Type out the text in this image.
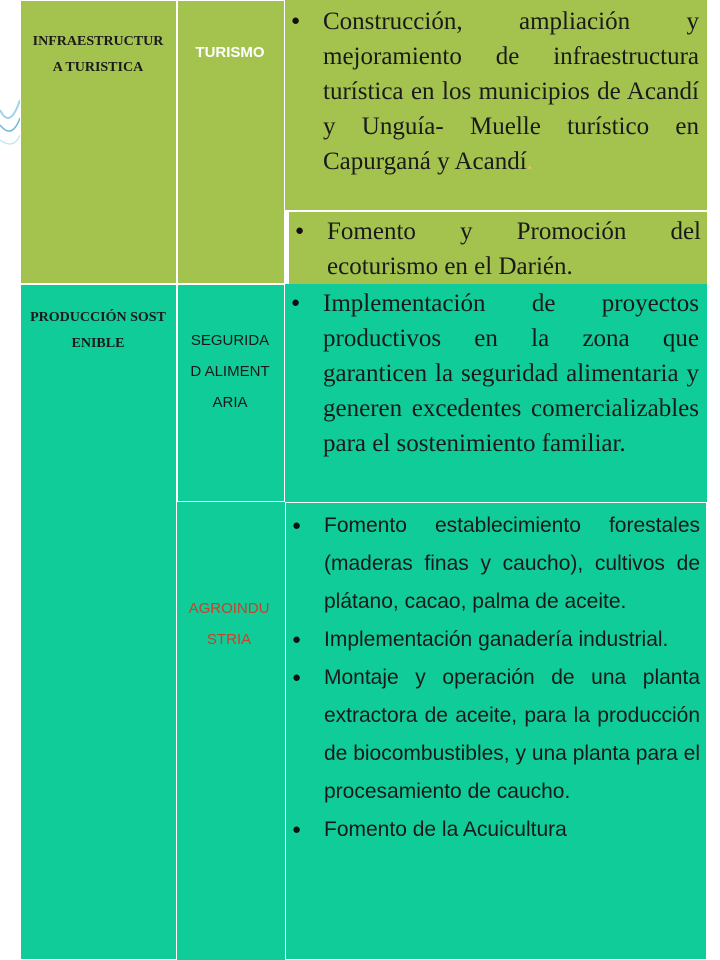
INFRAESTRUCTURA TURISTICA
TURISMO
● Construcción, ampliación y mejoramiento de infraestructura turística en los municipios de Acandí y Unguía- Muelle turístico en Capurganá y Acandí.
● Fomento y Promoción del ecoturismo en el Darién.
PRODUCCIÓN SOSTENIBLE	SEGURIDAD ALIMENTARIA
● Implementación de proyectos productivos en la zona que garanticen la seguridad alimentaria y generen excedentes comercializables para el sostenimiento familiar.
AGROINDUSTRIA
● Fomento establecimiento forestales (maderas finas y caucho), cultivos de plátano, cacao, palma de aceite.
● Implementación ganadería industrial.
● Montaje y operación de una planta extractora de aceite, para la producción de biocombustibles, y una planta para el procesamiento de caucho.
● Fomento de la Acuicultura
